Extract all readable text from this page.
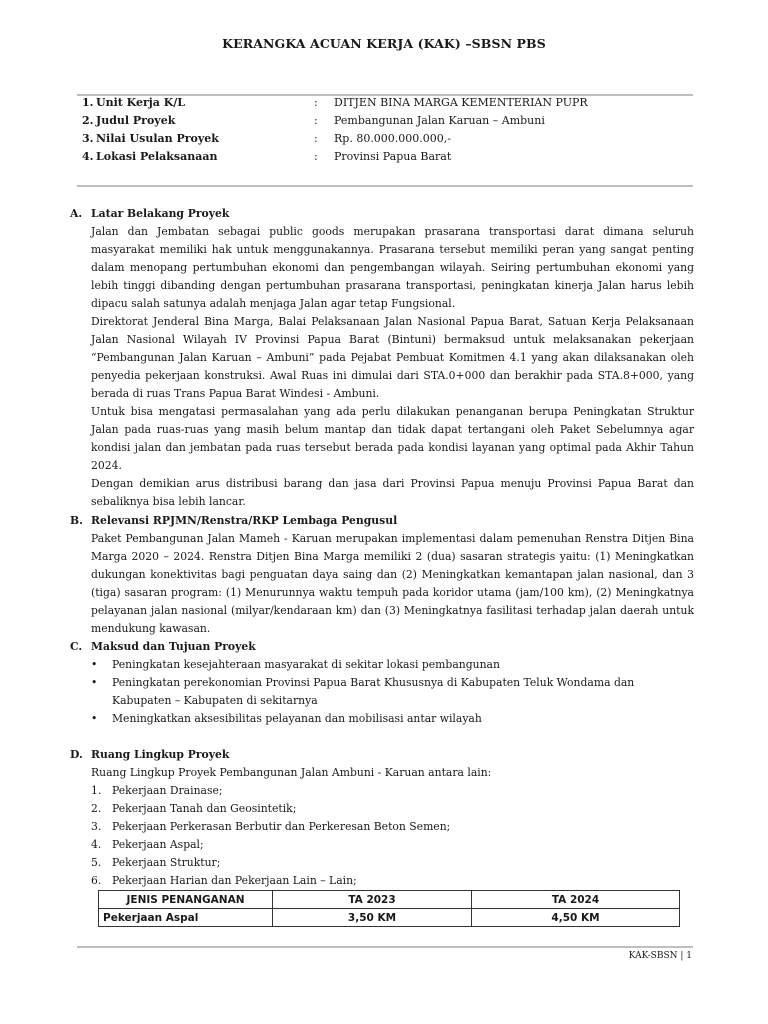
KERANGKA ACUAN KERJA (KAK) –SBSN PBS
1. Unit Kerja K/L	: DITJEN BINA MARGA KEMENTERIAN PUPR
2. Judul Proyek	: Pembangunan Jalan Karuan – Ambuni
3. Nilai Usulan Proyek	: Rp. 80.000.000.000,-
4. Lokasi Pelaksanaan	: Provinsi Papua Barat
A. Latar Belakang Proyek

Jalan dan Jembatan sebagai public goods merupakan prasarana transportasi darat dimana seluruh masyarakat memiliki hak untuk menggunakannya. Prasarana tersebut memiliki peran yang sangat penting dalam menopang pertumbuhan ekonomi dan pengembangan wilayah. Seiring pertumbuhan ekonomi yang lebih tinggi dibanding dengan pertumbuhan prasarana transportasi, peningkatan kinerja Jalan harus lebih dipacu salah satunya adalah menjaga Jalan agar tetap Fungsional.

Direktorat Jenderal Bina Marga, Balai Pelaksanaan Jalan Nasional Papua Barat, Satuan Kerja Pelaksanaan Jalan Nasional Wilayah IV Provinsi Papua Barat (Bintuni) bermaksud untuk melaksanakan pekerjaan “Pembangunan Jalan Karuan – Ambuni” pada Pejabat Pembuat Komitmen 4.1 yang akan dilaksanakan oleh penyedia pekerjaan konstruksi. Awal Ruas ini dimulai dari STA.0+000 dan berakhir pada STA.8+000, yang berada di ruas Trans Papua Barat Windesi - Ambuni.

Untuk bisa mengatasi permasalahan yang ada perlu dilakukan penanganan berupa Peningkatan Struktur Jalan pada ruas-ruas yang masih belum mantap dan tidak dapat tertangani oleh Paket Sebelumnya agar kondisi jalan dan jembatan pada ruas tersebut berada pada kondisi layanan yang optimal pada Akhir Tahun 2024.

Dengan demikian arus distribusi barang dan jasa dari Provinsi Papua menuju Provinsi Papua Barat dan sebaliknya bisa lebih lancar.

B. Relevansi RPJMN/Renstra/RKP Lembaga Pengusul

Paket Pembangunan Jalan Mameh - Karuan merupakan implementasi dalam pemenuhan Renstra Ditjen Bina Marga 2020 – 2024. Renstra Ditjen Bina Marga memiliki 2 (dua) sasaran strategis yaitu: (1) Meningkatkan dukungan konektivitas bagi penguatan daya saing dan (2) Meningkatkan kemantapan jalan nasional, dan 3 (tiga) sasaran program: (1) Menurunnya waktu tempuh pada koridor utama (jam/100 km), (2) Meningkatnya pelayanan jalan nasional (milyar/kendaraan km) dan (3) Meningkatnya fasilitasi terhadap jalan daerah untuk mendukung kawasan.

C. Maksud dan Tujuan Proyek
• Peningkatan kesejahteraan masyarakat di sekitar lokasi pembangunan
• Peningkatan perekonomian Provinsi Papua Barat Khususnya di Kabupaten Teluk Wondama dan Kabupaten – Kabupaten di sekitarnya
• Meningkatkan aksesibilitas pelayanan dan mobilisasi antar wilayah
D. Ruang Lingkup Proyek
Ruang Lingkup Proyek Pembangunan Jalan Ambuni - Karuan antara lain:
1. Pekerjaan Drainase;
2. Pekerjaan Tanah dan Geosintetik;
3. Pekerjaan Perkerasan Berbutir dan Perkeresan Beton Semen;
4. Pekerjaan Aspal;
5. Pekerjaan Struktur;
6. Pekerjaan Harian dan Pekerjaan Lain – Lain;
JENIS PENANGANAN	TA 2023	TA 2024
Pekerjaan Aspal	3,50 KM	4,50 KM
KAK-SBSN | 1
